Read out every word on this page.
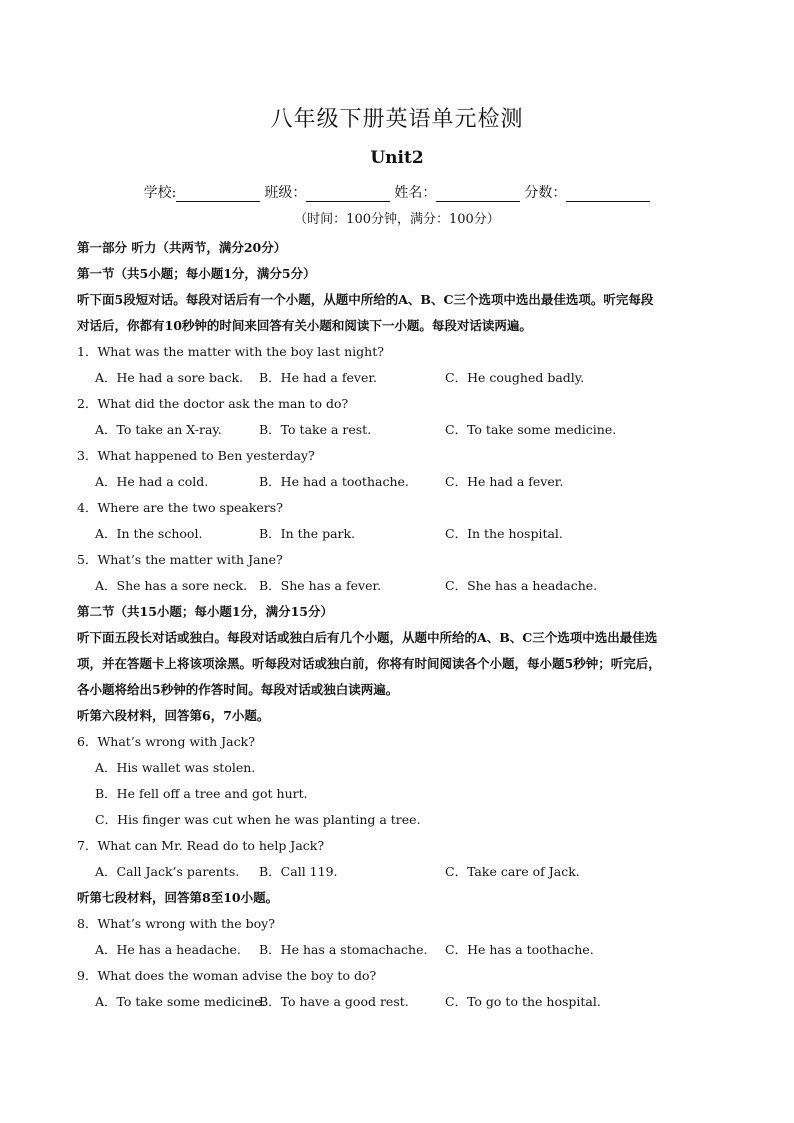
八年级下册英语单元检测
Unit2
学校:	班级：	姓名：	分数：
（时间：100分钟，满分：100分）
第一部分 听力（共两节，满分20分）
第一节（共5小题；每小题1分，满分5分）
听下面5段短对话。每段对话后有一个小题，从题中所给的A、B、C三个选项中选出最佳选项。听完每段
对话后，你都有10秒钟的时间来回答有关小题和阅读下一小题。每段对话读两遍。
1．What was the matter with the boy last night?
A．He had a sore back.	B．He had a fever.	C．He coughed badly.
2．What did the doctor ask the man to do?
A．To take an X-ray.	B．To take a rest.	C．To take some medicine.
3．What happened to Ben yesterday?
A．He had a cold.	B．He had a toothache.	C．He had a fever.
4．Where are the two speakers?
A．In the school.	B．In the park.	C．In the hospital.
5．What’s the matter with Jane?
A．She has a sore neck. B．She has a fever.	C．She has a headache.
第二节（共15小题；每小题1分，满分15分）
听下面五段长对话或独白。每段对话或独白后有几个小题，从题中所给的A、B、C三个选项中选出最佳选
项，并在答题卡上将该项涂黑。听每段对话或独白前，你将有时间阅读各个小题，每小题5秒钟；听完后，
各小题将给出5秒钟的作答时间。每段对话或独白读两遍。
听第六段材料，回答第6，7小题。
6．What’s wrong with Jack?
A．His wallet was stolen.
B．He fell off a tree and got hurt.
C．His finger was cut when he was planting a tree.
7．What can Mr. Read do to help Jack?
A．Call Jack’s parents.	B．Call 119.	C．Take care of Jack.
听第七段材料，回答第8至10小题。
8．What’s wrong with the boy?
A．He has a headache.	B．He has a stomachache.	C．He has a toothache.
9．What does the woman advise the boy to do?
A．To take some medicine.
B．To have a good rest.	C．To go to the hospital.
